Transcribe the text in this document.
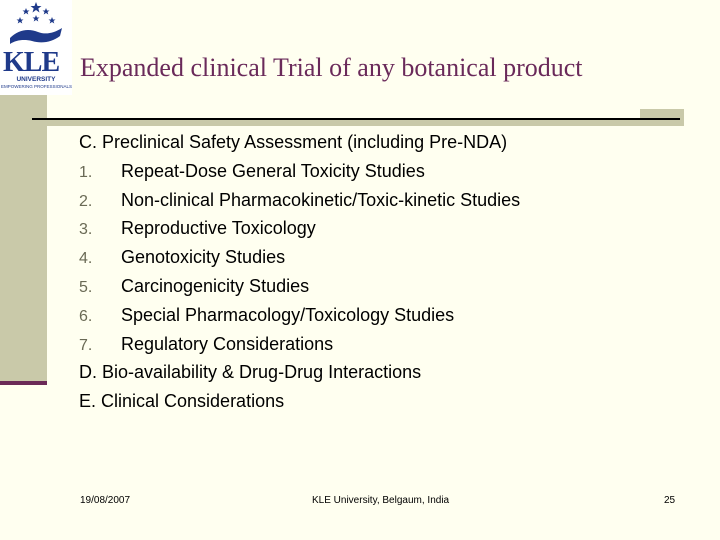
KLE
UNIVERSITY
EMPOWERING PROFESSIONALS
Expanded clinical Trial of any botanical product
C. Preclinical Safety Assessment (including Pre-NDA)
1. Repeat-Dose General Toxicity Studies
2. Non-clinical Pharmacokinetic/Toxic-kinetic Studies
3. Reproductive Toxicology
4. Genotoxicity Studies
5. Carcinogenicity Studies
6. Special Pharmacology/Toxicology Studies
7. Regulatory Considerations
D. Bio-availability & Drug-Drug Interactions
E. Clinical Considerations
19/08/2007	KLE University, Belgaum, India	25
